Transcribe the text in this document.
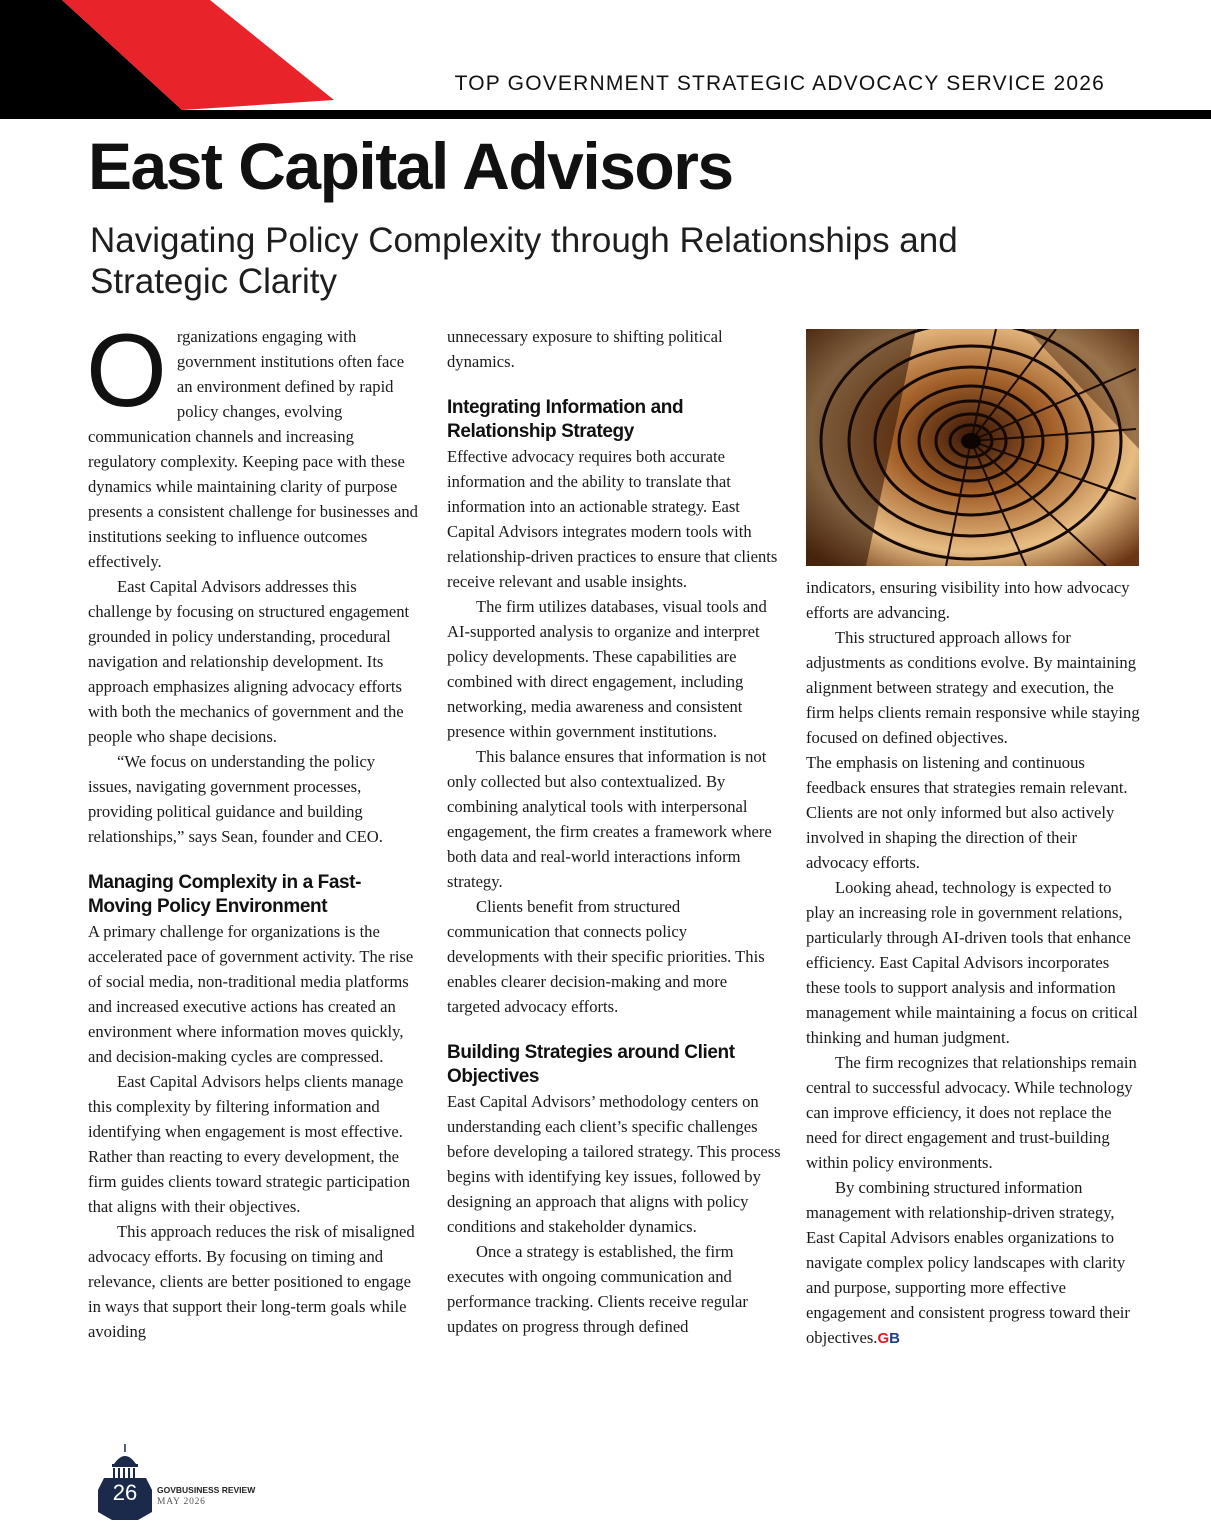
TOP GOVERNMENT STRATEGIC ADVOCACY SERVICE 2026
East Capital Advisors
Navigating Policy Complexity through Relationships and Strategic Clarity

O rganizations engaging with government institutions often face an environment defined by rapid policy changes, evolving communication channels and increasing regulatory complexity. Keeping pace with these dynamics while maintaining clarity of purpose presents a consistent challenge for businesses and institutions seeking to influence outcomes effectively.

East Capital Advisors addresses this challenge by focusing on structured engagement grounded in policy understanding, procedural navigation and relationship development. Its approach emphasizes aligning advocacy efforts with both the mechanics of government and the people who shape decisions.

“We focus on understanding the policy issues, navigating government processes, providing political guidance and building relationships,” says Sean, founder and CEO.

Managing Complexity in a Fast-Moving Policy Environment

A primary challenge for organizations is the accelerated pace of government activity. The rise of social media, non-traditional media platforms and increased executive actions has created an environment where information moves quickly, and decision-making cycles are compressed.

East Capital Advisors helps clients manage this complexity by filtering information and identifying when engagement is most effective. Rather than reacting to every development, the firm guides clients toward strategic participation that aligns with their objectives.

This approach reduces the risk of misaligned advocacy efforts. By focusing on timing and relevance, clients are better positioned to engage in ways that support their long-term goals while avoiding

unnecessary exposure to shifting political dynamics.

Integrating Information and Relationship Strategy

Effective advocacy requires both accurate information and the ability to translate that information into an actionable strategy. East Capital Advisors integrates modern tools with relationship-driven practices to ensure that clients receive relevant and usable insights.

The firm utilizes databases, visual tools and AI-supported analysis to organize and interpret policy developments. These capabilities are combined with direct engagement, including networking, media awareness and consistent presence within government institutions.

This balance ensures that information is not only collected but also contextualized. By combining analytical tools with interpersonal engagement, the firm creates a framework where both data and real-world interactions inform strategy.

Clients benefit from structured communication that connects policy developments with their specific priorities. This enables clearer decision-making and more targeted advocacy efforts.

Building Strategies around Client Objectives

East Capital Advisors’ methodology centers on understanding each client’s specific challenges before developing a tailored strategy. This process begins with identifying key issues, followed by designing an approach that aligns with policy conditions and stakeholder dynamics.

Once a strategy is established, the firm executes with ongoing communication and performance tracking. Clients receive regular updates on progress through defined

indicators, ensuring visibility into how advocacy efforts are advancing.

This structured approach allows for adjustments as conditions evolve. By maintaining alignment between strategy and execution, the firm helps clients remain responsive while staying focused on defined objectives.

The emphasis on listening and continuous feedback ensures that strategies remain relevant. Clients are not only informed but also actively involved in shaping the direction of their advocacy efforts.

Looking ahead, technology is expected to play an increasing role in government relations, particularly through AI-driven tools that enhance efficiency. East Capital Advisors incorporates these tools to support analysis and information management while maintaining a focus on critical thinking and human judgment.

The firm recognizes that relationships remain central to successful advocacy. While technology can improve efficiency, it does not replace the need for direct engagement and trust-building within policy environments.

By combining structured information management with relationship-driven strategy, East Capital Advisors enables organizations to navigate complex policy landscapes with clarity and purpose, supporting more effective engagement and consistent progress toward their objectives.GB

26	GOVBUSINESS REVIEW
MAY 2026
